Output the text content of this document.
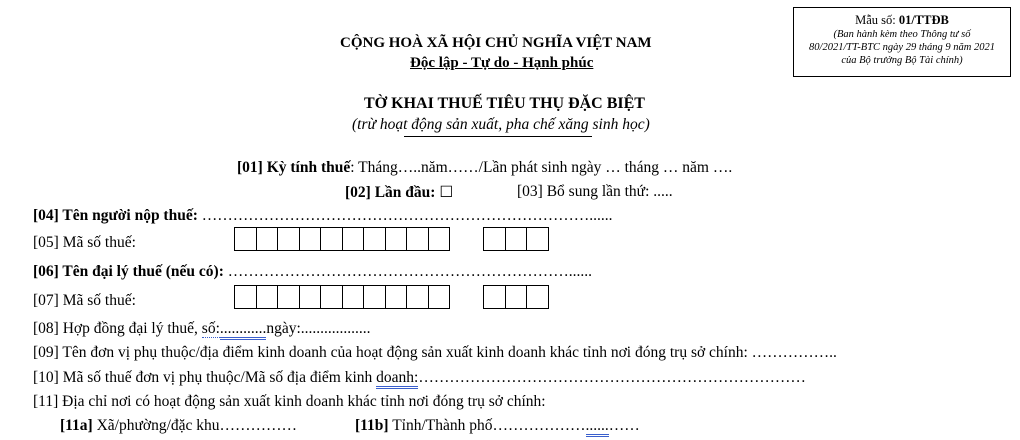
Mẫu số: 01/TTĐB
(Ban hành kèm theo Thông tư số
80/2021/TT-BTC ngày 29 tháng 9 năm 2021
của Bộ trưởng Bộ Tài chính)
CỘNG HOÀ XÃ HỘI CHỦ NGHĨA VIỆT NAM
Độc lập - Tự do - Hạnh phúc
TỜ KHAI THUẾ TIÊU THỤ ĐẶC BIỆT
(trừ hoạt động sản xuất, pha chế xăng sinh học)
[01] Kỳ tính thuế: Tháng…..năm……/Lần phát sinh ngày … tháng … năm ….
[02] Lần đầu: ☐	[03] Bổ sung lần thứ: .....
[04] Tên người nộp thuế: …………………………………………………………………......
[05] Mã số thuế:
[06] Tên đại lý thuế (nếu có): …………………………………………………………......
[07] Mã số thuế:
[08] Hợp đồng đại lý thuế, số:............ngày:..................
[09] Tên đơn vị phụ thuộc/địa điểm kinh doanh của hoạt động sản xuất kinh doanh khác tỉnh nơi đóng trụ sở chính: ……………..
[10] Mã số thuế đơn vị phụ thuộc/Mã số địa điểm kinh doanh:…………………………………………………………………
[11] Địa chỉ nơi có hoạt động sản xuất kinh doanh khác tỉnh nơi đóng trụ sở chính:
[11a] Xã/phường/đặc khu……………	[11b] Tỉnh/Thành phố………………......……
